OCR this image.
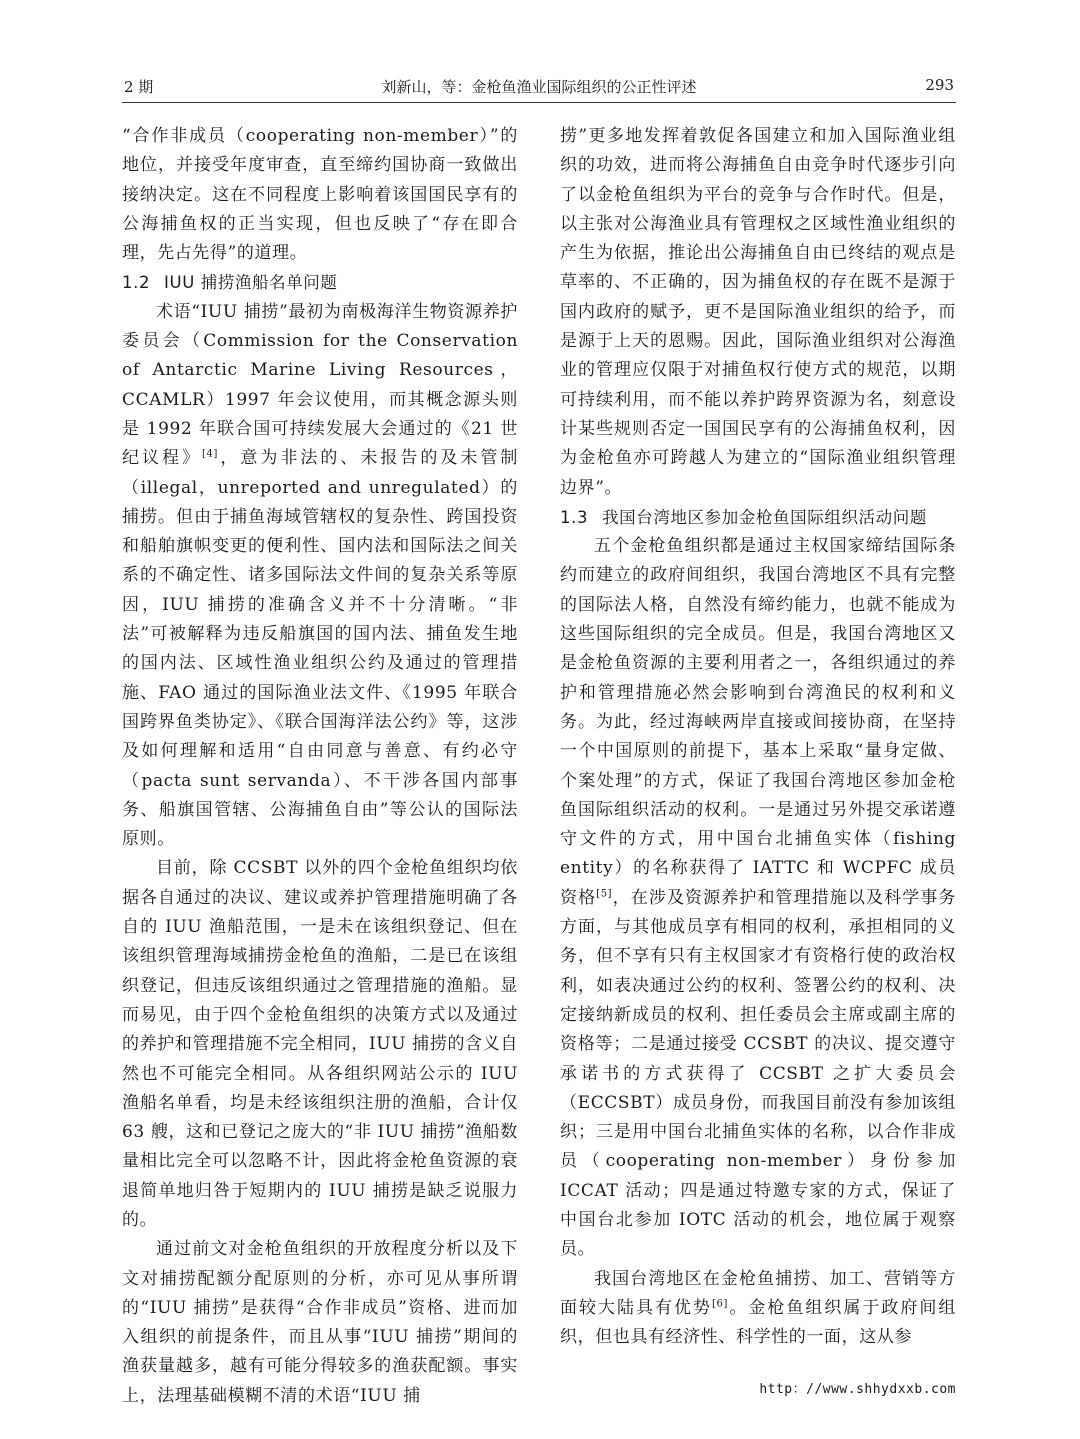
2 期	刘新山，等：金枪鱼渔业国际组织的公正性评述	293

“合作非成员（cooperating non-member）”的地位，并接受年度审查，直至缔约国协商一致做出接纳决定。这在不同程度上影响着该国国民享有的公海捕鱼权的正当实现，但也反映了“存在即合理，先占先得”的道理。

1.2 IUU 捕捞渔船名单问题

术语“IUU 捕捞”最初为南极海洋生物资源养护委员会（Commission for the Conservation of Antarctic Marine Living Resources，CCAMLR）1997 年会议使用，而其概念源头则是 1992 年联合国可持续发展大会通过的《21 世纪议程》[4]，意为非法的、未报告的及未管制（illegal，unreported and unregulated）的捕捞。但由于捕鱼海域管辖权的复杂性、跨国投资和船舶旗帜变更的便利性、国内法和国际法之间关系的不确定性、诸多国际法文件间的复杂关系等原因，IUU 捕捞的准确含义并不十分清晰。“非法”可被解释为违反船旗国的国内法、捕鱼发生地的国内法、区域性渔业组织公约及通过的管理措施、FAO 通过的国际渔业法文件、《1995 年联合国跨界鱼类协定》、《联合国海洋法公约》等，这涉及如何理解和适用“自由同意与善意、有约必守（pacta sunt servanda）、不干涉各国内部事务、船旗国管辖、公海捕鱼自由”等公认的国际法原则。

目前，除 CCSBT 以外的四个金枪鱼组织均依据各自通过的决议、建议或养护管理措施明确了各自的 IUU 渔船范围，一是未在该组织登记、但在该组织管理海域捕捞金枪鱼的渔船，二是已在该组织登记，但违反该组织通过之管理措施的渔船。显而易见，由于四个金枪鱼组织的决策方式以及通过的养护和管理措施不完全相同，IUU 捕捞的含义自然也不可能完全相同。从各组织网站公示的 IUU 渔船名单看，均是未经该组织注册的渔船，合计仅 63 艘，这和已登记之庞大的“非 IUU 捕捞”渔船数量相比完全可以忽略不计，因此将金枪鱼资源的衰退简单地归咎于短期内的 IUU 捕捞是缺乏说服力的。

通过前文对金枪鱼组织的开放程度分析以及下文对捕捞配额分配原则的分析，亦可见从事所谓的“IUU 捕捞”是获得“合作非成员”资格、进而加入组织的前提条件，而且从事“IUU 捕捞”期间的渔获量越多，越有可能分得较多的渔获配额。事实上，法理基础模糊不清的术语“IUU 捕

捞”更多地发挥着敦促各国建立和加入国际渔业组织的功效，进而将公海捕鱼自由竞争时代逐步引向了以金枪鱼组织为平台的竞争与合作时代。但是，以主张对公海渔业具有管理权之区域性渔业组织的产生为依据，推论出公海捕鱼自由已终结的观点是草率的、不正确的，因为捕鱼权的存在既不是源于国内政府的赋予，更不是国际渔业组织的给予，而是源于上天的恩赐。因此，国际渔业组织对公海渔业的管理应仅限于对捕鱼权行使方式的规范，以期可持续利用，而不能以养护跨界资源为名，刻意设计某些规则否定一国国民享有的公海捕鱼权利，因为金枪鱼亦可跨越人为建立的“国际渔业组织管理边界”。

1.3 我国台湾地区参加金枪鱼国际组织活动问题

五个金枪鱼组织都是通过主权国家缔结国际条约而建立的政府间组织，我国台湾地区不具有完整的国际法人格，自然没有缔约能力，也就不能成为这些国际组织的完全成员。但是，我国台湾地区又是金枪鱼资源的主要利用者之一，各组织通过的养护和管理措施必然会影响到台湾渔民的权利和义务。为此，经过海峡两岸直接或间接协商，在坚持一个中国原则的前提下，基本上采取“量身定做、个案处理”的方式，保证了我国台湾地区参加金枪鱼国际组织活动的权利。一是通过另外提交承诺遵守文件的方式，用中国台北捕鱼实体（fishing entity）的名称获得了 IATTC 和 WCPFC 成员资格[5]，在涉及资源养护和管理措施以及科学事务方面，与其他成员享有相同的权利，承担相同的义务，但不享有只有主权国家才有资格行使的政治权利，如表决通过公约的权利、签署公约的权利、决定接纳新成员的权利、担任委员会主席或副主席的资格等；二是通过接受 CCSBT 的决议、提交遵守承诺书的方式获得了 CCSBT 之扩大委员会（ECCSBT）成员身份，而我国目前没有参加该组织；三是用中国台北捕鱼实体的名称，以合作非成员（cooperating non-member）身份参加 ICCAT 活动；四是通过特邀专家的方式，保证了中国台北参加 IOTC 活动的机会，地位属于观察员。

我国台湾地区在金枪鱼捕捞、加工、营销等方面较大陆具有优势[6]。金枪鱼组织属于政府间组织，但也具有经济性、科学性的一面，这从参

http：//www.shhydxxb.com
